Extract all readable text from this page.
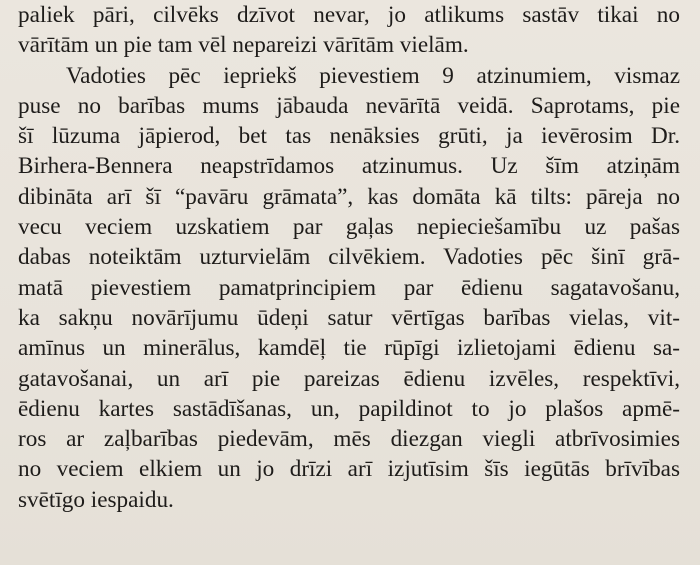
paliek pāri, cilvēks dzīvot nevar, jo atlikums sastāv tikai no
vārītām un pie tam vēl nepareizi vārītām vielām.
Vadoties pēc iepriekš pievestiem 9 atzinumiem, vismaz
puse no barības mums jābauda nevārītā veidā. Saprotams, pie
šī lūzuma jāpierod, bet tas nenāksies grūti, ja ievērosim Dr.
Birhera-Bennera neapstrīdamos atzinumus. Uz šīm atziņām
dibināta arī šī “pavāru grāmata”, kas domāta kā tilts: pāreja no
vecu veciem uzskatiem par gaļas nepieciešamību uz pašas
dabas noteiktām uzturvielām cilvēkiem. Vadoties pēc šinī grā-
matā pievestiem pamatprincipiem par ēdienu sagatavošanu,
ka sakņu novārījumu ūdeņi satur vērtīgas barības vielas, vit-
amīnus un minerālus, kamdēļ tie rūpīgi izlietojami ēdienu sa-
gatavošanai, un arī pie pareizas ēdienu izvēles, respektīvi,
ēdienu kartes sastādīšanas, un, papildinot to jo plašos apmē-
ros ar zaļbarības piedevām, mēs diezgan viegli atbrīvosimies
no veciem elkiem un jo drīzi arī izjutīsim šīs iegūtās brīvības
svētīgo iespaidu.
